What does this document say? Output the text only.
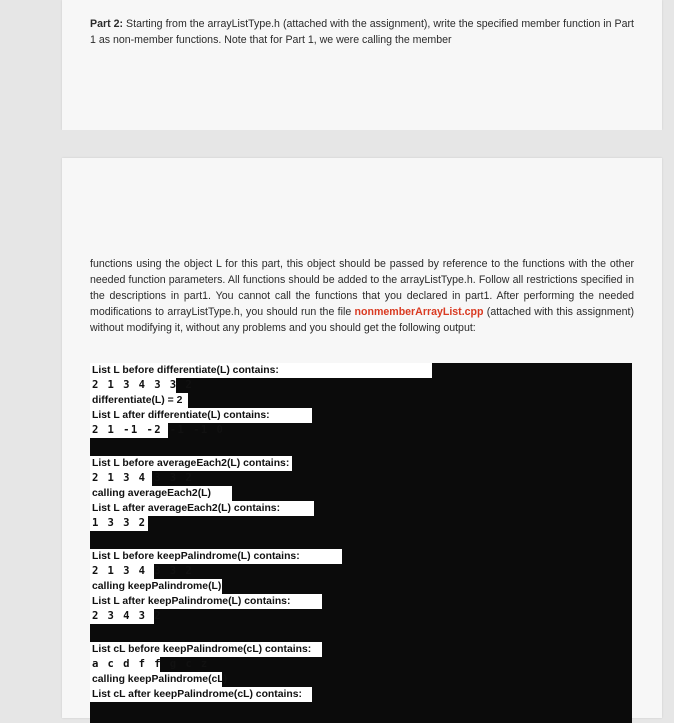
Part 2: Starting from the arrayListType.h (attached with the assignment), write the specified member function in Part 1 as non-member functions. Note that for Part 1, we were calling the member
functions using the object L for this part, this object should be passed by reference to the functions with the other needed function parameters. All functions should be added to the arrayListType.h. Follow all restrictions specified in the descriptions in part1. You cannot call the functions that you declared in part1. After performing the needed modifications to arrayListType.h, you should run the file nonmemberArrayList.cpp (attached with this assignment) without modifying it, without any problems and you should get the following output:
List L before differentiate(L) contains:
2 1 3 4 3 3 2
differentiate(L) = 2
List L after differentiate(L) contains:
2 1 -1 -2 -1 -1 0
List L before averageEach2(L) contains:
2 1 3 4 3 3 2
calling averageEach2(L)
List L after averageEach2(L) contains:
1 3 3 2
List L before keepPalindrome(L) contains:
2 1 3 4 3 3 2
calling keepPalindrome(L)
List L after keepPalindrome(L) contains:
2 3 4 3 2
List cL before keepPalindrome(cL) contains:
a c d f f g c z
calling keepPalindrome(cL)
List cL after keepPalindrome(cL) contains:
